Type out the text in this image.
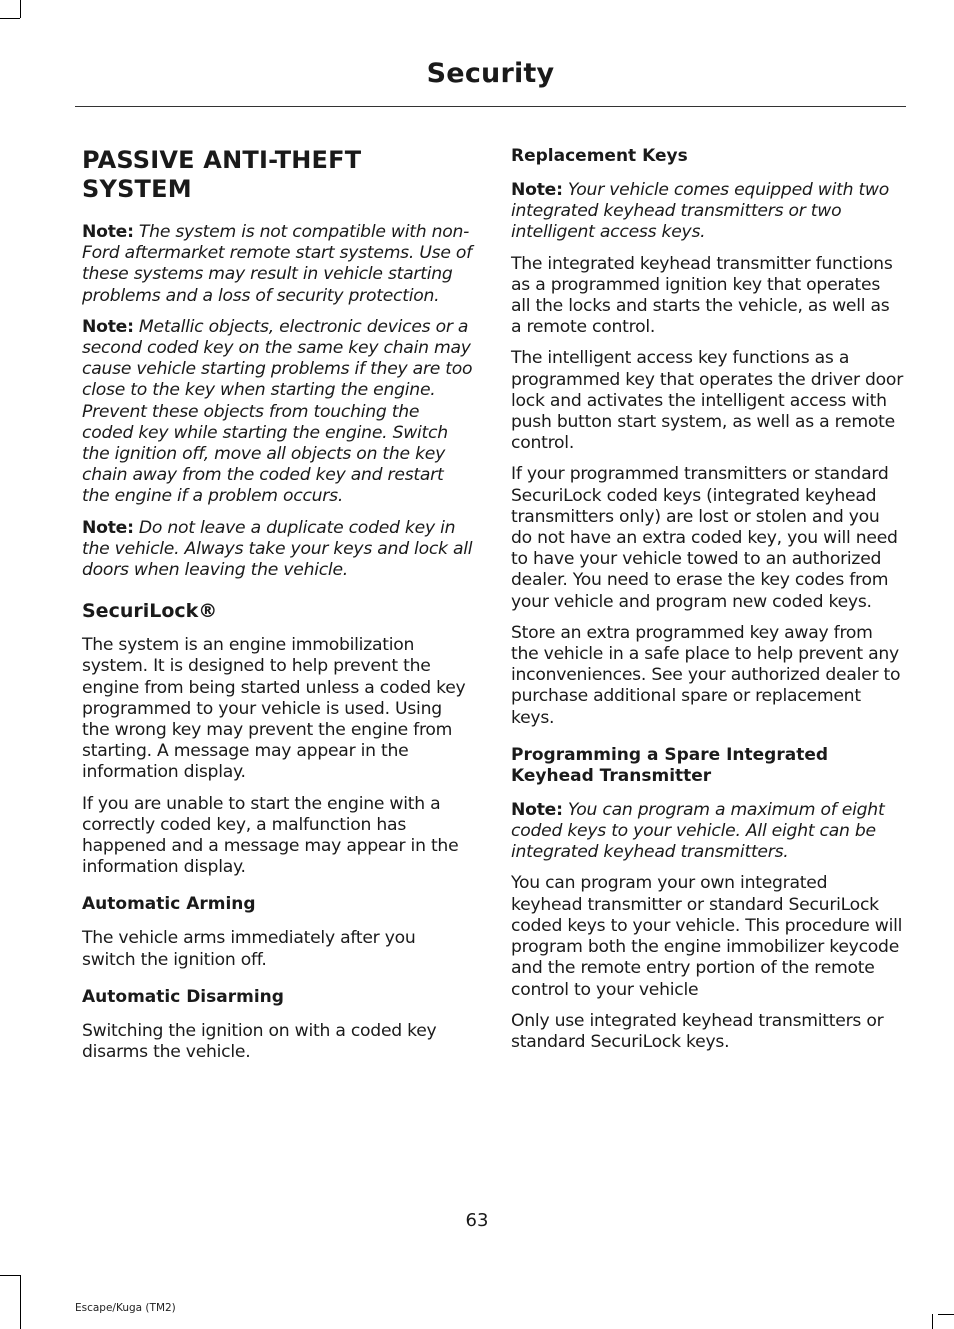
Security
PASSIVE ANTI-THEFT SYSTEM

Note: The system is not compatible with non-Ford aftermarket remote start systems. Use of these systems may result in vehicle starting problems and a loss of security protection.

Note: Metallic objects, electronic devices or a second coded key on the same key chain may cause vehicle starting problems if they are too close to the key when starting the engine. Prevent these objects from touching the coded key while starting the engine. Switch the ignition off, move all objects on the key chain away from the coded key and restart the engine if a problem occurs.

Note: Do not leave a duplicate coded key in the vehicle. Always take your keys and lock all doors when leaving the vehicle.

SecuriLock®

The system is an engine immobilization system. It is designed to help prevent the engine from being started unless a coded key programmed to your vehicle is used. Using the wrong key may prevent the engine from starting. A message may appear in the information display.

If you are unable to start the engine with a correctly coded key, a malfunction has happened and a message may appear in the information display.

Automatic Arming

The vehicle arms immediately after you switch the ignition off.

Automatic Disarming

Switching the ignition on with a coded key disarms the vehicle.

Replacement Keys

Note: Your vehicle comes equipped with two integrated keyhead transmitters or two intelligent access keys.

The integrated keyhead transmitter functions as a programmed ignition key that operates all the locks and starts the vehicle, as well as a remote control.

The intelligent access key functions as a programmed key that operates the driver door lock and activates the intelligent access with push button start system, as well as a remote control.

If your programmed transmitters or standard SecuriLock coded keys (integrated keyhead transmitters only) are lost or stolen and you do not have an extra coded key, you will need to have your vehicle towed to an authorized dealer. You need to erase the key codes from your vehicle and program new coded keys.

Store an extra programmed key away from the vehicle in a safe place to help prevent any inconveniences. See your authorized dealer to purchase additional spare or replacement keys.

Programming a Spare Integrated Keyhead Transmitter

Note: You can program a maximum of eight coded keys to your vehicle. All eight can be integrated keyhead transmitters.

You can program your own integrated keyhead transmitter or standard SecuriLock coded keys to your vehicle. This procedure will program both the engine immobilizer keycode and the remote entry portion of the remote control to your vehicle

Only use integrated keyhead transmitters or standard SecuriLock keys.

63
Escape/Kuga (TM2)
